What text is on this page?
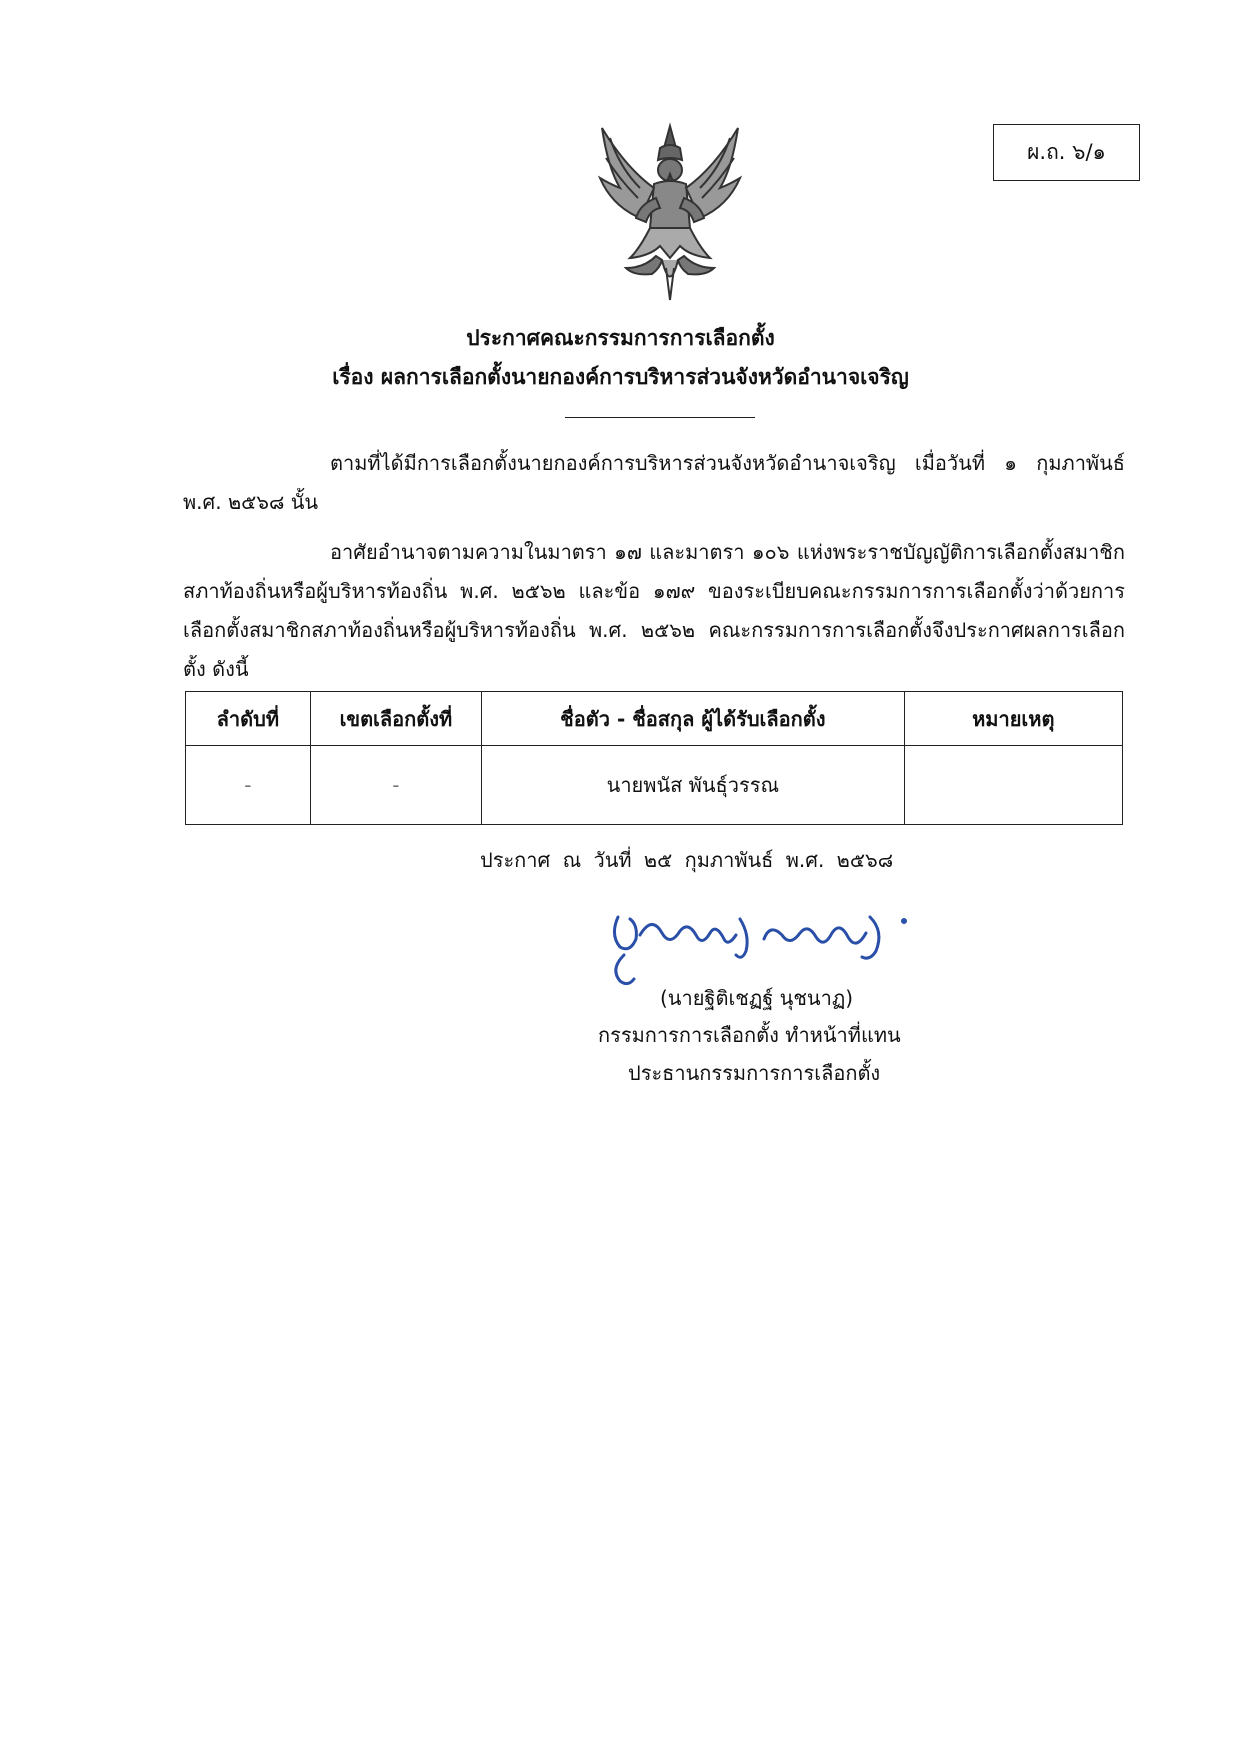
ผ.ถ. ๖/๑
ประกาศคณะกรรมการการเลือกตั้ง
เรื่อง ผลการเลือกตั้งนายกองค์การบริหารส่วนจังหวัดอำนาจเจริญ
ตามที่ได้มีการเลือกตั้งนายกองค์การบริหารส่วนจังหวัดอำนาจเจริญ เมื่อวันที่ ๑ กุมภาพันธ์ พ.ศ. ๒๕๖๘ นั้น
อาศัยอำนาจตามความในมาตรา ๑๗ และมาตรา ๑๐๖ แห่งพระราชบัญญัติการเลือกตั้งสมาชิกสภาท้องถิ่นหรือผู้บริหารท้องถิ่น พ.ศ. ๒๕๖๒ และข้อ ๑๗๙ ของระเบียบคณะกรรมการการเลือกตั้งว่าด้วยการเลือกตั้งสมาชิกสภาท้องถิ่นหรือผู้บริหารท้องถิ่น พ.ศ. ๒๕๖๒ คณะกรรมการการเลือกตั้งจึงประกาศผลการเลือกตั้ง ดังนี้
ลำดับที่	เขตเลือกตั้งที่	ชื่อตัว - ชื่อสกุล ผู้ได้รับเลือกตั้ง	หมายเหตุ
-	-	นายพนัส พันธุ์วรรณ	
ประกาศ ณ วันที่ ๒๕ กุมภาพันธ์ พ.ศ. ๒๕๖๘
(นายฐิติเชฏฐ์ นุชนาฏ)
กรรมการการเลือกตั้ง ทำหน้าที่แทน
ประธานกรรมการการเลือกตั้ง
